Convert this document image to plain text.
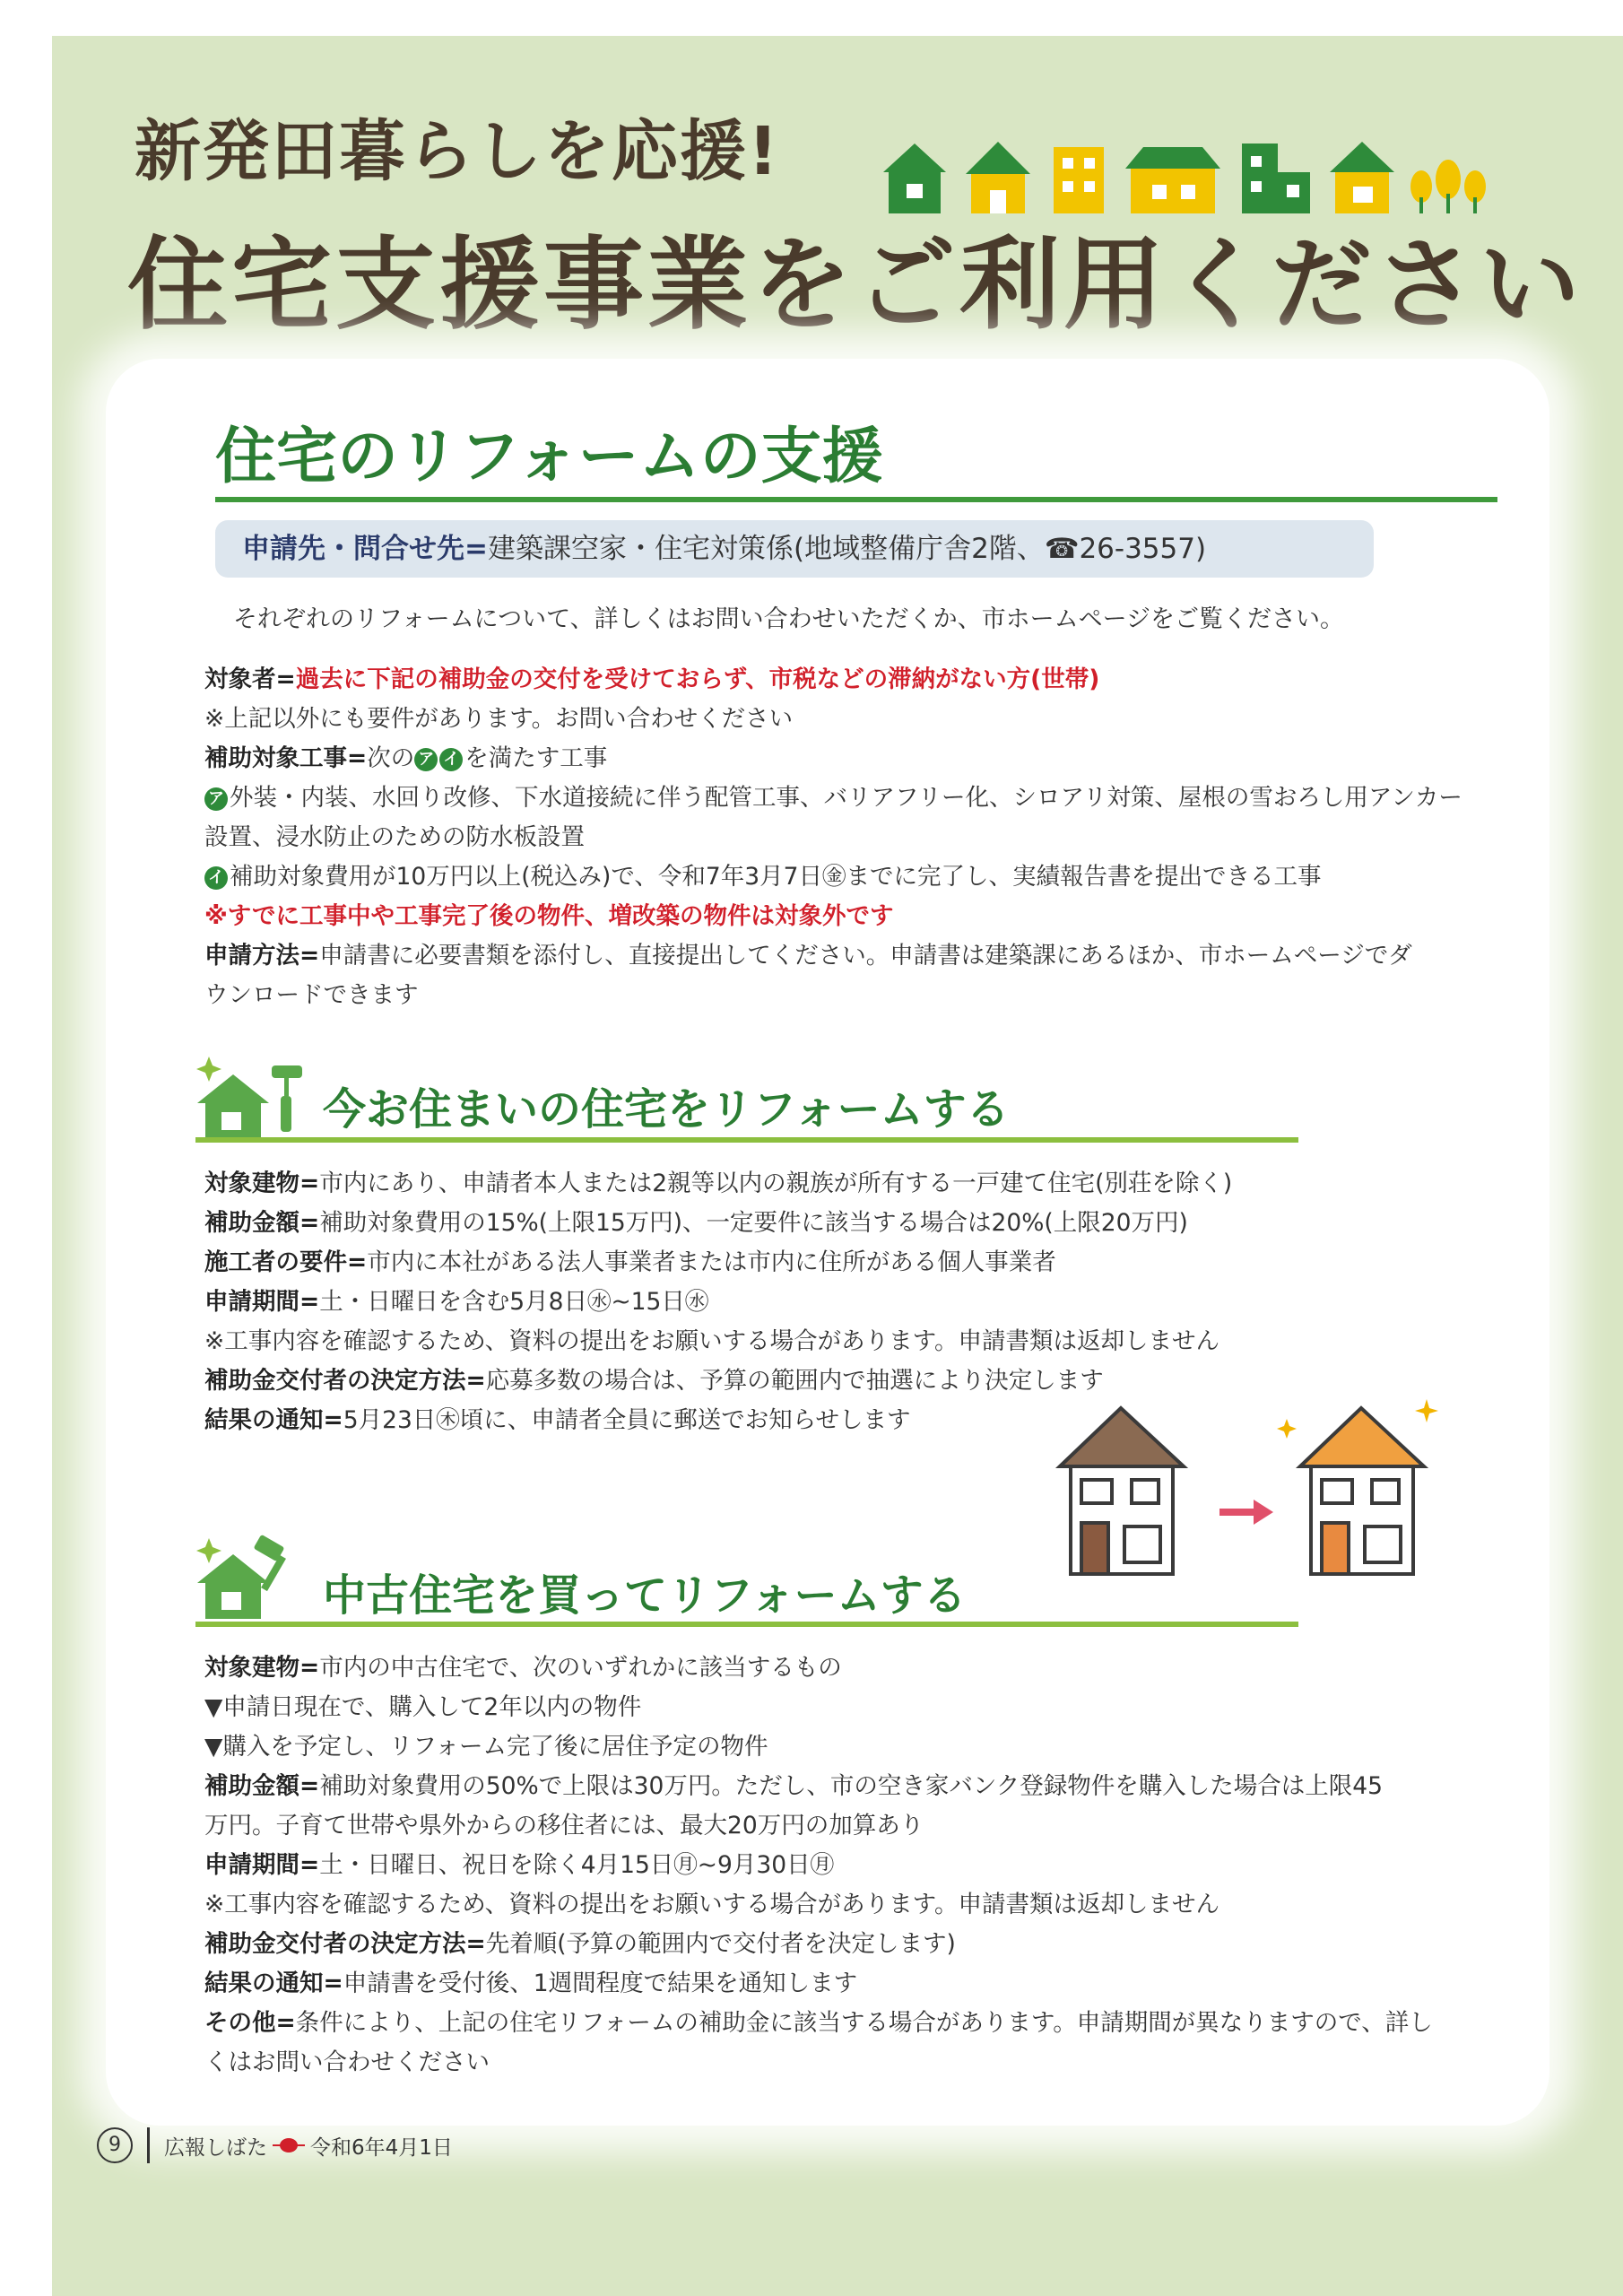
新発田暮らしを応援!
住宅支援事業をご利用ください
住宅のリフォームの支援
申請先・問合せ先=建築課空家・住宅対策係(地域整備庁舎2階、☎26-3557)
それぞれのリフォームについて、詳しくはお問い合わせいただくか、市ホームページをご覧ください。

対象者=過去に下記の補助金の交付を受けておらず、市税などの滞納がない方(世帯)

※上記以外にも要件があります。お問い合わせください

補助対象工事=次の ア イ を満たす工事

ア 外装・内装、水回り改修、下水道接続に伴う配管工事、バリアフリー化、シロアリ対策、屋根の雪おろし用アンカー

設置、浸水防止のための防水板設置

イ 補助対象費用が10万円以上(税込み)で、令和7年3月7日㊎までに完了し、実績報告書を提出できる工事

※すでに工事中や工事完了後の物件、増改築の物件は対象外です

申請方法=申請書に必要書類を添付し、直接提出してください。申請書は建築課にあるほか、市ホームページでダ

ウンロードできます

今お住まいの住宅をリフォームする

対象建物=市内にあり、申請者本人または2親等以内の親族が所有する一戸建て住宅(別荘を除く)

補助金額=補助対象費用の15%(上限15万円)、一定要件に該当する場合は20%(上限20万円)

施工者の要件=市内に本社がある法人事業者または市内に住所がある個人事業者

申請期間=土・日曜日を含む5月8日㊌~15日㊌

※工事内容を確認するため、資料の提出をお願いする場合があります。申請書類は返却しません

補助金交付者の決定方法=応募多数の場合は、予算の範囲内で抽選により決定します

結果の通知=5月23日㊍頃に、申請者全員に郵送でお知らせします

中古住宅を買ってリフォームする

対象建物=市内の中古住宅で、次のいずれかに該当するもの

▼申請日現在で、購入して2年以内の物件

▼購入を予定し、リフォーム完了後に居住予定の物件

補助金額=補助対象費用の50%で上限は30万円。ただし、市の空き家バンク登録物件を購入した場合は上限45

万円。子育て世帯や県外からの移住者には、最大20万円の加算あり

申請期間=土・日曜日、祝日を除く4月15日㊊~9月30日㊊

※工事内容を確認するため、資料の提出をお願いする場合があります。申請書類は返却しません

補助金交付者の決定方法=先着順(予算の範囲内で交付者を決定します)

結果の通知=申請書を受付後、1週間程度で結果を通知します

その他=条件により、上記の住宅リフォームの補助金に該当する場合があります。申請期間が異なりますので、詳し

くはお問い合わせください

9	広報しばた 令和6年4月1日
